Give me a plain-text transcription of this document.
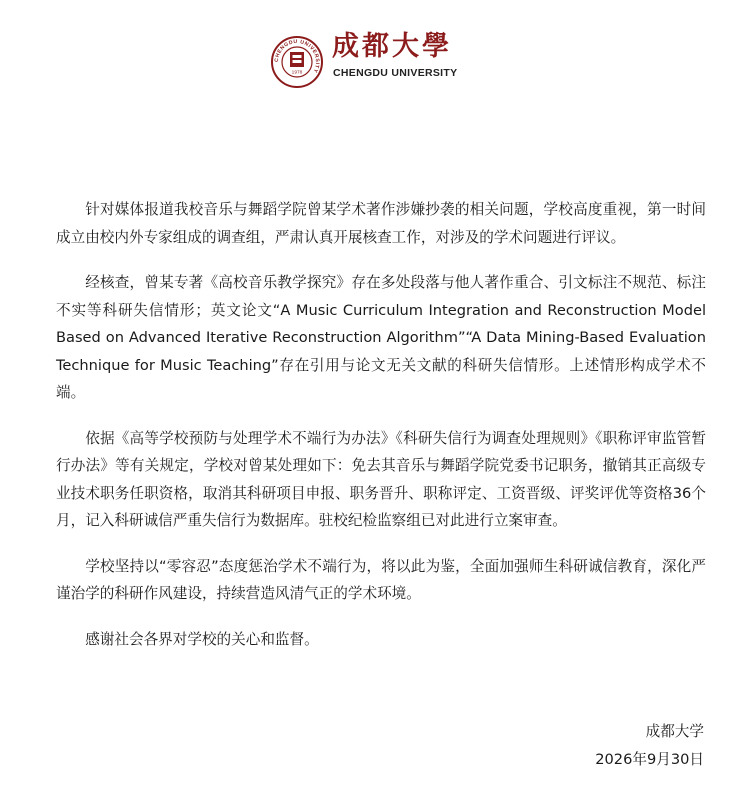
CHENGDU UNIVERSITY
1978
成都大學
CHENGDU UNIVERSITY

针对媒体报道我校音乐与舞蹈学院曾某学术著作涉嫌抄袭的相关问题，学校高度重视，第一时间成立由校内外专家组成的调查组，严肃认真开展核查工作，对涉及的学术问题进行评议。

经核查，曾某专著《高校音乐教学探究》存在多处段落与他人著作重合、引文标注不规范、标注不实等科研失信情形；英文论文“A Music Curriculum Integration and Reconstruction Model Based on Advanced Iterative Reconstruction Algorithm”“A Data Mining-Based Evaluation Technique for Music Teaching”存在引用与论文无关文献的科研失信情形。上述情形构成学术不端。

依据《高等学校预防与处理学术不端行为办法》《科研失信行为调查处理规则》《职称评审监管暂行办法》等有关规定，学校对曾某处理如下：免去其音乐与舞蹈学院党委书记职务，撤销其正高级专业技术职务任职资格，取消其科研项目申报、职务晋升、职称评定、工资晋级、评奖评优等资格36个月，记入科研诚信严重失信行为数据库。驻校纪检监察组已对此进行立案审查。

学校坚持以“零容忍”态度惩治学术不端行为，将以此为鉴，全面加强师生科研诚信教育，深化严谨治学的科研作风建设，持续营造风清气正的学术环境。

感谢社会各界对学校的关心和监督。

成都大学
2026年9月30日
